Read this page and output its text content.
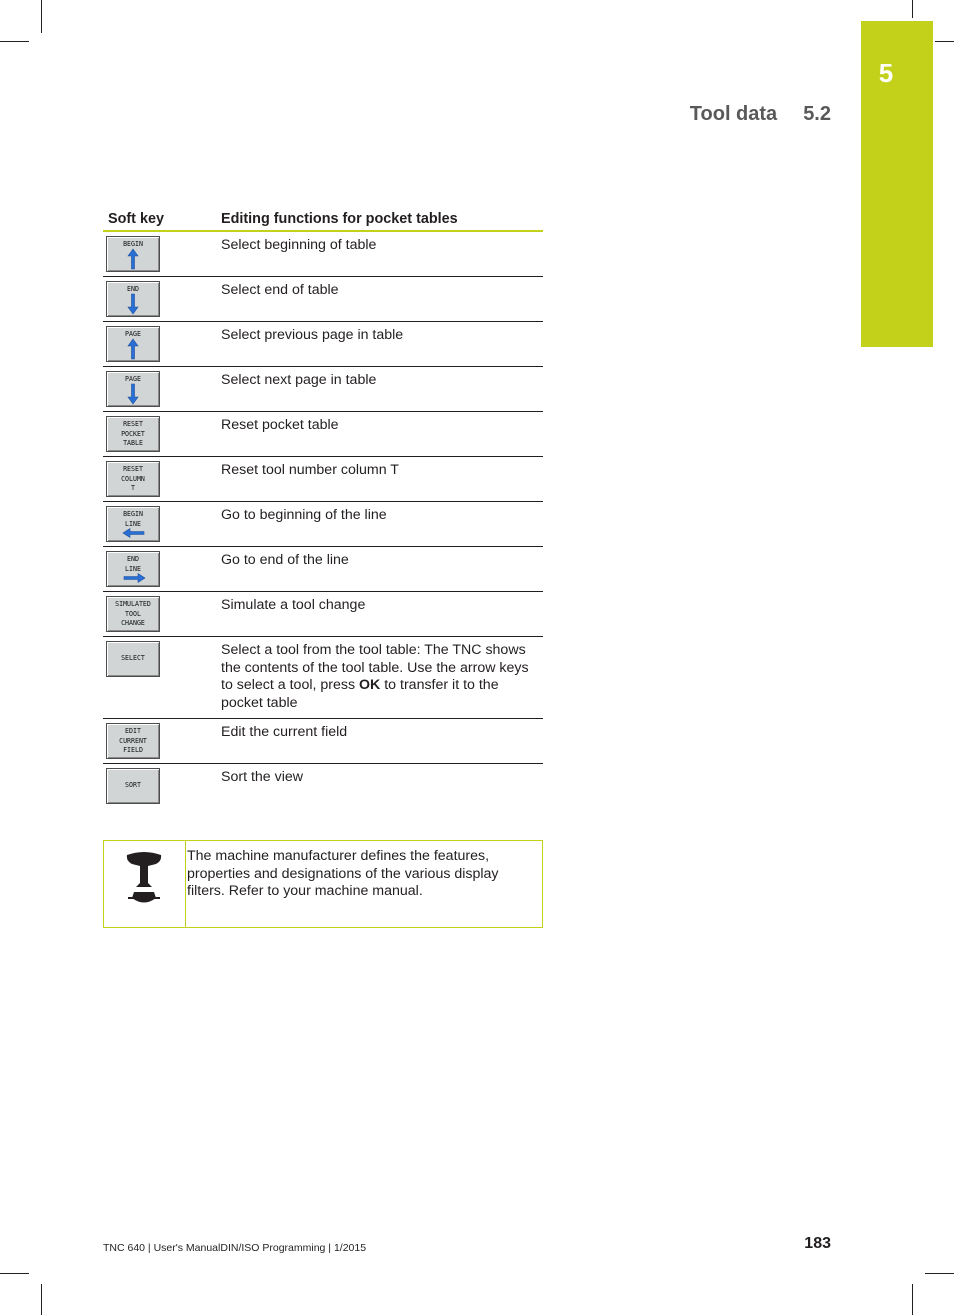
5
Tool data 5.2
Soft key	Editing functions for pocket tables

BEGIN	Select beginning of table

END	Select end of table

PAGE	Select previous page in table

PAGE	Select next page in table

RESET
POCKET
TABLE	Reset pocket table

RESET
COLUMN
T	Reset tool number column T

BEGIN
LINE	Go to beginning of the line

END
LINE	Go to end of the line

SIMULATED
TOOL
CHANGE	Simulate a tool change

SELECT	Select a tool from the tool table: The TNC shows the contents of the tool table. Use the arrow keys to select a tool, press OK to transfer it to the pocket table

EDIT
CURRENT
FIELD	Edit the current field

SORT	Sort the view
The machine manufacturer defines the features, properties and designations of the various display filters. Refer to your machine manual.
TNC 640 | User's ManualDIN/ISO Programming | 1/2015	183
